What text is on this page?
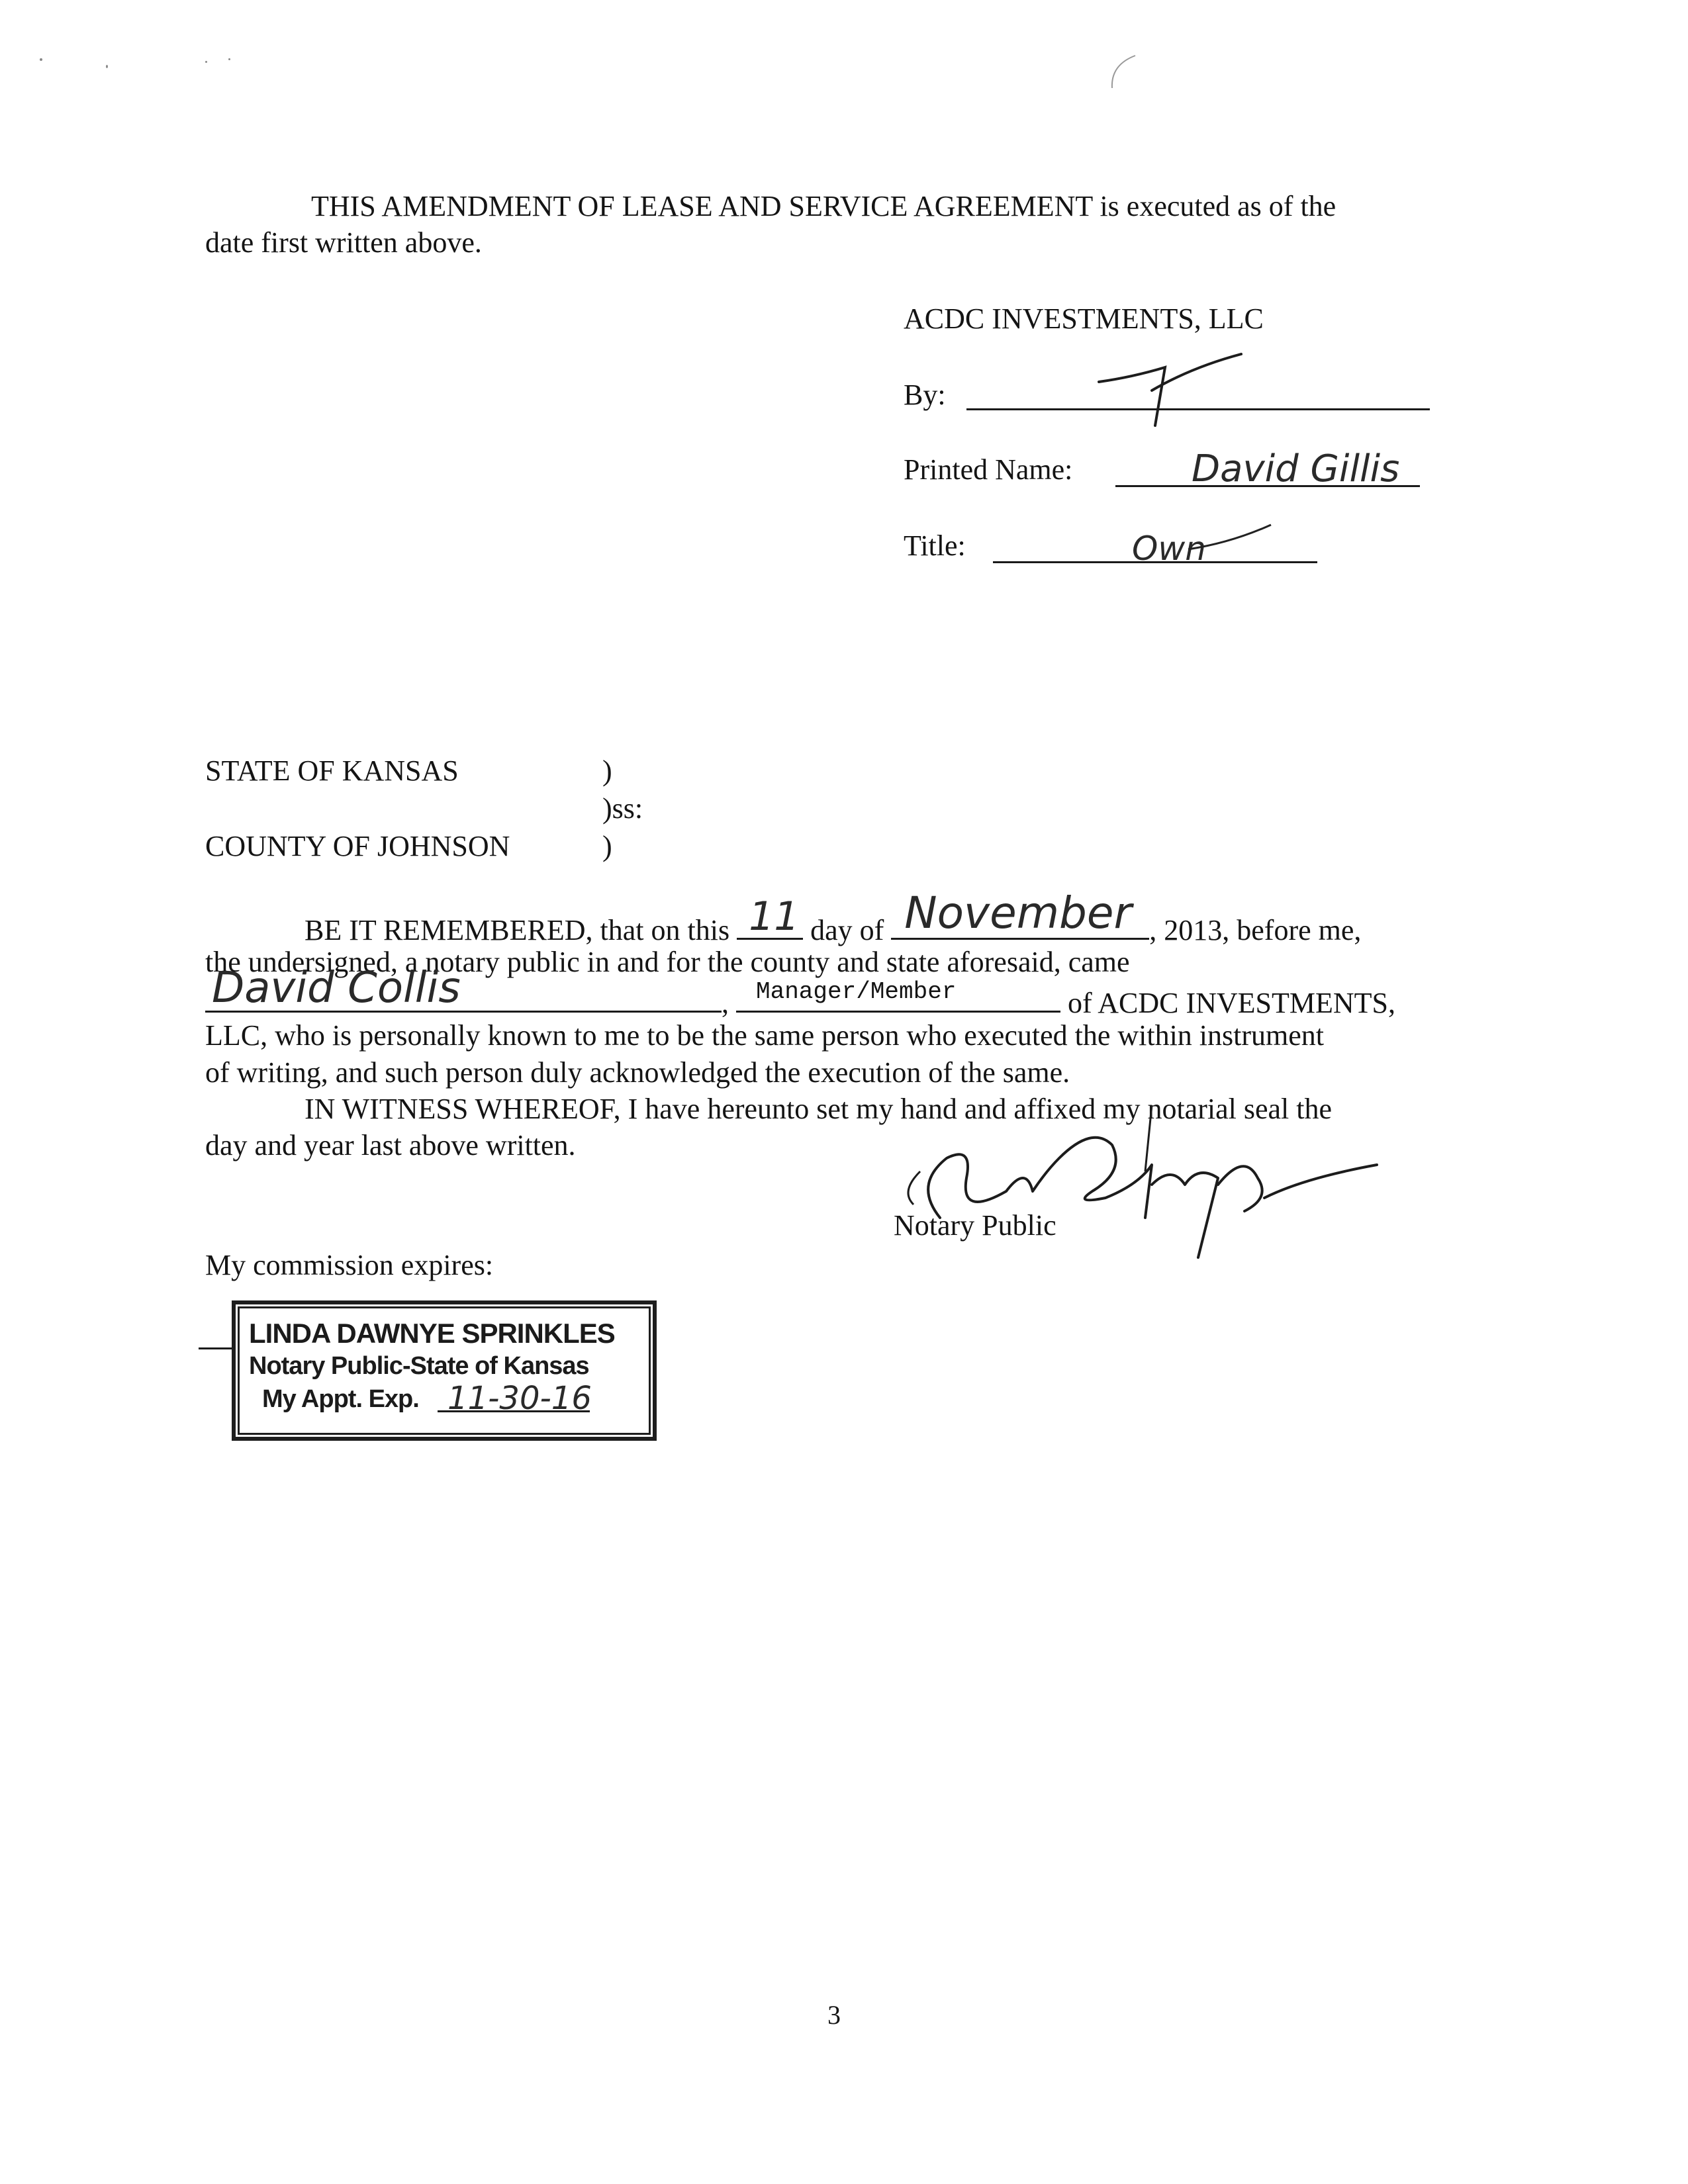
THIS AMENDMENT OF LEASE AND SERVICE AGREEMENT is executed as of the
date first written above.
ACDC INVESTMENTS, LLC
By:
Printed Name:	David Gillis
Title:	Own
STATE OF KANSAS	)
)ss:
COUNTY OF JOHNSON	)
BE IT REMEMBERED, that on this 11 day of November , 2013, before me,
the undersigned, a notary public in and for the county and state aforesaid, came
David Collis	, Manager/Member	of ACDC INVESTMENTS,
LLC, who is personally known to me to be the same person who executed the within instrument
of writing, and such person duly acknowledged the execution of the same.
IN WITNESS WHEREOF, I have hereunto set my hand and affixed my notarial seal the
day and year last above written.
Notary Public
My commission expires:
LINDA DAWNYE SPRINKLES
Notary Public-State of Kansas
My Appt. Exp. 11-30-16
3
